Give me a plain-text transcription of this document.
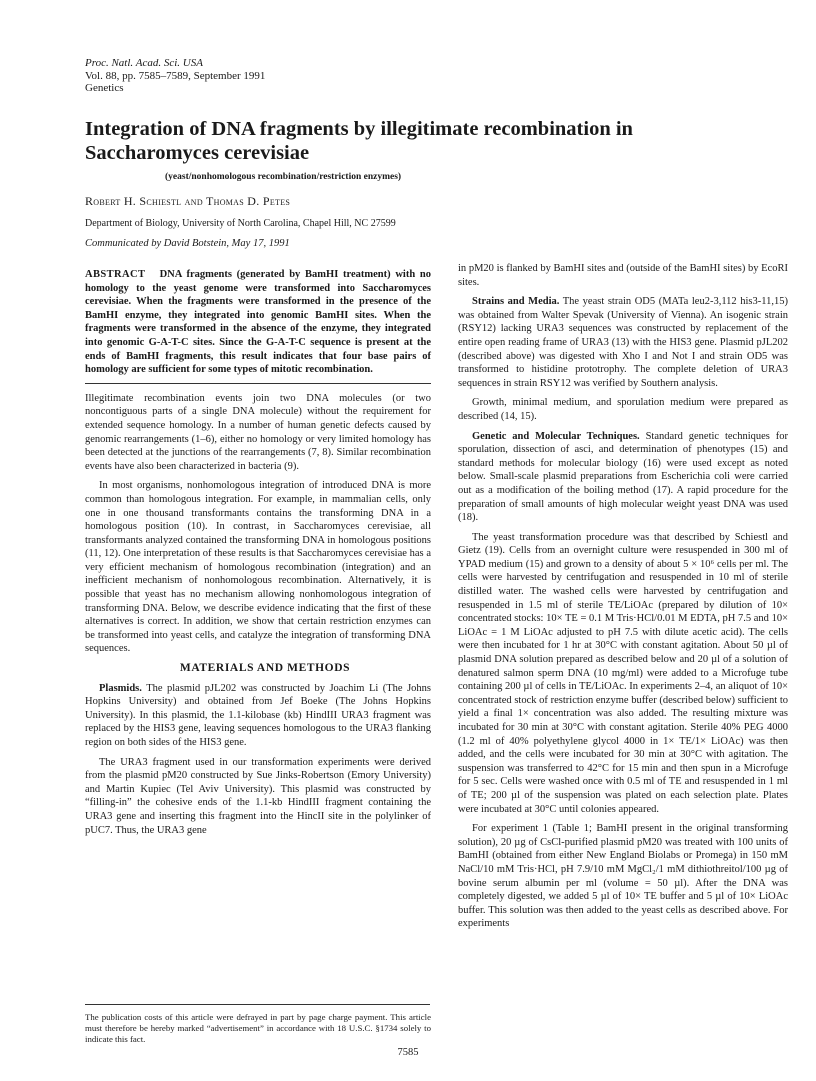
Proc. Natl. Acad. Sci. USA
Vol. 88, pp. 7585–7589, September 1991
Genetics
Integration of DNA fragments by illegitimate recombination in Saccharomyces cerevisiae
(yeast/nonhomologous recombination/restriction enzymes)
Robert H. Schiestl and Thomas D. Petes
Department of Biology, University of North Carolina, Chapel Hill, NC 27599
Communicated by David Botstein, May 17, 1991

ABSTRACT DNA fragments (generated by BamHI treatment) with no homology to the yeast genome were transformed into Saccharomyces cerevisiae. When the fragments were transformed in the presence of the BamHI enzyme, they integrated into genomic BamHI sites. When the fragments were transformed in the absence of the enzyme, they integrated into genomic G-A-T-C sites. Since the G-A-T-C sequence is present at the ends of BamHI fragments, this result indicates that four base pairs of homology are sufficient for some types of mitotic recombination.

Illegitimate recombination events join two DNA molecules (or two noncontiguous parts of a single DNA molecule) without the requirement for extended sequence homology. In a number of human genetic defects caused by genomic rearrangements (1–6), either no homology or very limited homology has been detected at the junctions of the rearrangements (7, 8). Similar recombination events have also been characterized in bacteria (9).

In most organisms, nonhomologous integration of introduced DNA is more common than homologous integration. For example, in mammalian cells, only one in one thousand transformants contains the transforming DNA in a homologous position (10). In contrast, in Saccharomyces cerevisiae, all transformants analyzed contained the transforming DNA in homologous positions (11, 12). One interpretation of these results is that Saccharomyces cerevisiae has a very efficient mechanism of homologous recombination (integration) and an inefficient mechanism of nonhomologous recombination. Alternatively, it is possible that yeast has no mechanism allowing nonhomologous integration of transforming DNA. Below, we describe evidence indicating that the first of these alternatives is correct. In addition, we show that certain restriction enzymes can be transformed into yeast cells, and catalyze the integration of transforming DNA sequences.

MATERIALS AND METHODS

Plasmids. The plasmid pJL202 was constructed by Joachim Li (The Johns Hopkins University) and obtained from Jef Boeke (The Johns Hopkins University). In this plasmid, the 1.1-kilobase (kb) HindIII URA3 fragment was replaced by the HIS3 gene, leaving sequences homologous to the URA3 flanking region on both sides of the HIS3 gene.

The URA3 fragment used in our transformation experiments were derived from the plasmid pM20 constructed by Sue Jinks-Robertson (Emory University) and Martin Kupiec (Tel Aviv University). This plasmid was constructed by “filling-in” the cohesive ends of the 1.1-kb HindIII fragment containing the URA3 gene and inserting this fragment into the HincII site in the polylinker of pUC7. Thus, the URA3 gene

The publication costs of this article were defrayed in part by page charge payment. This article must therefore be hereby marked “advertisement” in accordance with 18 U.S.C. §1734 solely to indicate this fact.

in pM20 is flanked by BamHI sites and (outside of the BamHI sites) by EcoRI sites.

Strains and Media. The yeast strain OD5 (MATa leu2-3,112 his3-11,15) was obtained from Walter Spevak (University of Vienna). An isogenic strain (RSY12) lacking URA3 sequences was constructed by replacement of the entire open reading frame of URA3 (13) with the HIS3 gene. Plasmid pJL202 (described above) was digested with Xho I and Not I and strain OD5 was transformed to histidine prototrophy. The complete deletion of URA3 sequences in strain RSY12 was verified by Southern analysis.

Growth, minimal medium, and sporulation medium were prepared as described (14, 15).

Genetic and Molecular Techniques. Standard genetic techniques for sporulation, dissection of asci, and determination of phenotypes (15) and standard methods for molecular biology (16) were used except as noted below. Small-scale plasmid preparations from Escherichia coli were carried out as a modification of the boiling method (17). A rapid procedure for the preparation of small amounts of high molecular weight yeast DNA was used (18).

The yeast transformation procedure was that described by Schiestl and Gietz (19). Cells from an overnight culture were resuspended in 300 ml of YPAD medium (15) and grown to a density of about 5 × 10⁶ cells per ml. The cells were harvested by centrifugation and resuspended in 10 ml of sterile distilled water. The washed cells were harvested by centrifugation and resuspended in 1.5 ml of sterile TE/LiOAc (prepared by dilution of 10× concentrated stocks: 10× TE = 0.1 M Tris·HCl/0.01 M EDTA, pH 7.5 and 10× LiOAc = 1 M LiOAc adjusted to pH 7.5 with dilute acetic acid). The cells were then incubated for 1 hr at 30°C with constant agitation. About 50 µl of plasmid DNA solution prepared as described below and 20 µl of a solution of denatured salmon sperm DNA (10 mg/ml) were added to a Microfuge tube containing 200 µl of cells in TE/LiOAc. In experiments 2–4, an aliquot of 10× concentrated stock of restriction enzyme buffer (described below) sufficient to yield a final 1× concentration was also added. The resulting mixture was incubated for 30 min at 30°C with constant agitation. Sterile 40% PEG 4000 (1.2 ml of 40% polyethylene glycol 4000 in 1× TE/1× LiOAc) was then added, and the cells were incubated for 30 min at 30°C with agitation. The suspension was transferred to 42°C for 15 min and then spun in a Microfuge for 5 sec. Cells were washed once with 0.5 ml of TE and resuspended in 1 ml of TE; 200 µl of the suspension was plated on each selection plate. Plates were incubated at 30°C until colonies appeared.

For experiment 1 (Table 1; BamHI present in the original transforming solution), 20 µg of CsCl-purified plasmid pM20 was treated with 100 units of BamHI (obtained from either New England Biolabs or Promega) in 150 mM NaCl/10 mM Tris·HCl, pH 7.9/10 mM MgCl₂/1 mM dithiothreitol/100 µg of bovine serum albumin per ml (volume = 50 µl). After the DNA was completely digested, we added 5 µl of 10× TE buffer and 5 µl of 10× LiOAc buffer. This solution was then added to the yeast cells as described above. For experiments

7585
